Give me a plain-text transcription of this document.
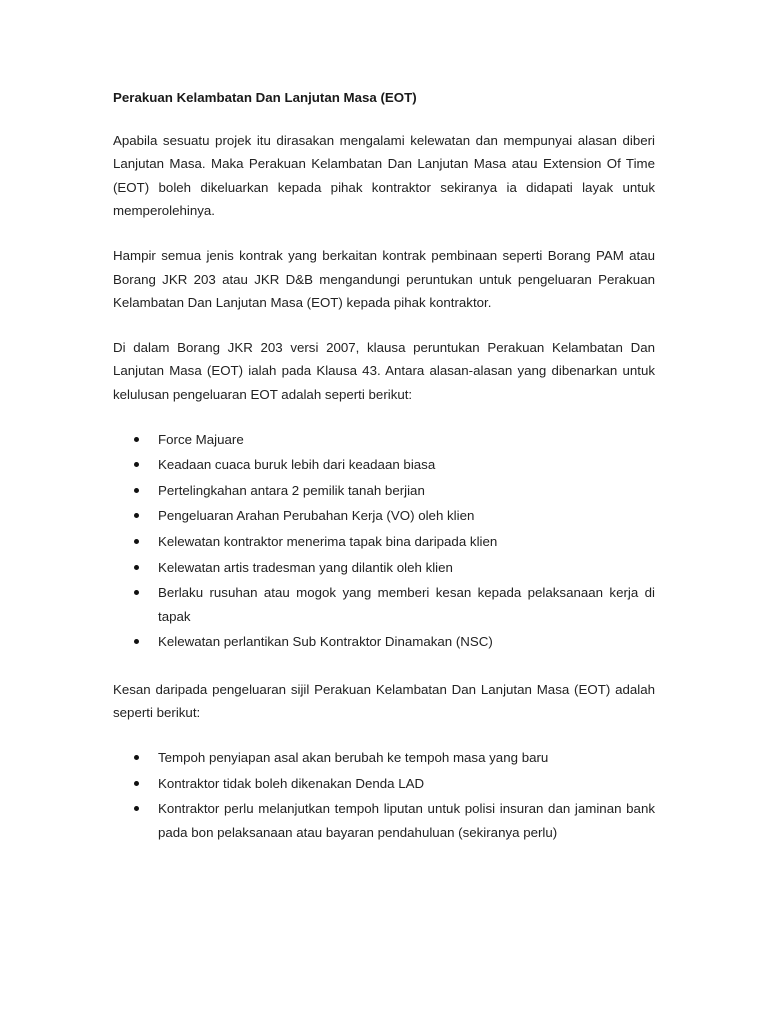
Perakuan Kelambatan Dan Lanjutan Masa (EOT)

Apabila sesuatu projek itu dirasakan mengalami kelewatan dan mempunyai alasan diberi Lanjutan Masa. Maka Perakuan Kelambatan Dan Lanjutan Masa atau Extension Of Time (EOT) boleh dikeluarkan kepada pihak kontraktor sekiranya ia didapati layak untuk memperolehinya.

Hampir semua jenis kontrak yang berkaitan kontrak pembinaan seperti Borang PAM atau Borang JKR 203 atau JKR D&B mengandungi peruntukan untuk pengeluaran Perakuan Kelambatan Dan Lanjutan Masa (EOT) kepada pihak kontraktor.

Di dalam Borang JKR 203 versi 2007, klausa peruntukan Perakuan Kelambatan Dan Lanjutan Masa (EOT) ialah pada Klausa 43. Antara alasan-alasan yang dibenarkan untuk kelulusan pengeluaran EOT adalah seperti berikut:

Force Majuare
Keadaan cuaca buruk lebih dari keadaan biasa
Pertelingkahan antara 2 pemilik tanah berjian
Pengeluaran Arahan Perubahan Kerja (VO) oleh klien
Kelewatan kontraktor menerima tapak bina daripada klien
Kelewatan artis tradesman yang dilantik oleh klien
Berlaku rusuhan atau mogok yang memberi kesan kepada pelaksanaan kerja di tapak
Kelewatan perlantikan Sub Kontraktor Dinamakan (NSC)

Kesan daripada pengeluaran sijil Perakuan Kelambatan Dan Lanjutan Masa (EOT) adalah seperti berikut:

Tempoh penyiapan asal akan berubah ke tempoh masa yang baru
Kontraktor tidak boleh dikenakan Denda LAD
Kontraktor perlu melanjutkan tempoh liputan untuk polisi insuran dan jaminan bank pada bon pelaksanaan atau bayaran pendahuluan (sekiranya perlu)
